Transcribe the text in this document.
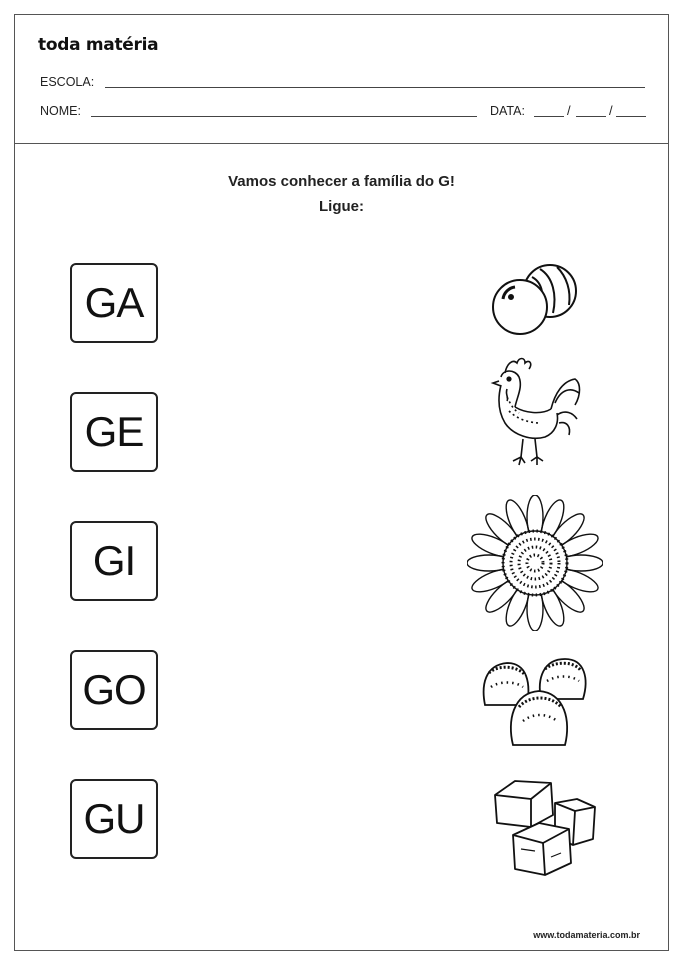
toda matéria
ESCOLA:
NOME:	DATA:	/	/
Vamos conhecer a família do G!
Ligue:
GA
GE
GI
GO
GU
www.todamateria.com.br
